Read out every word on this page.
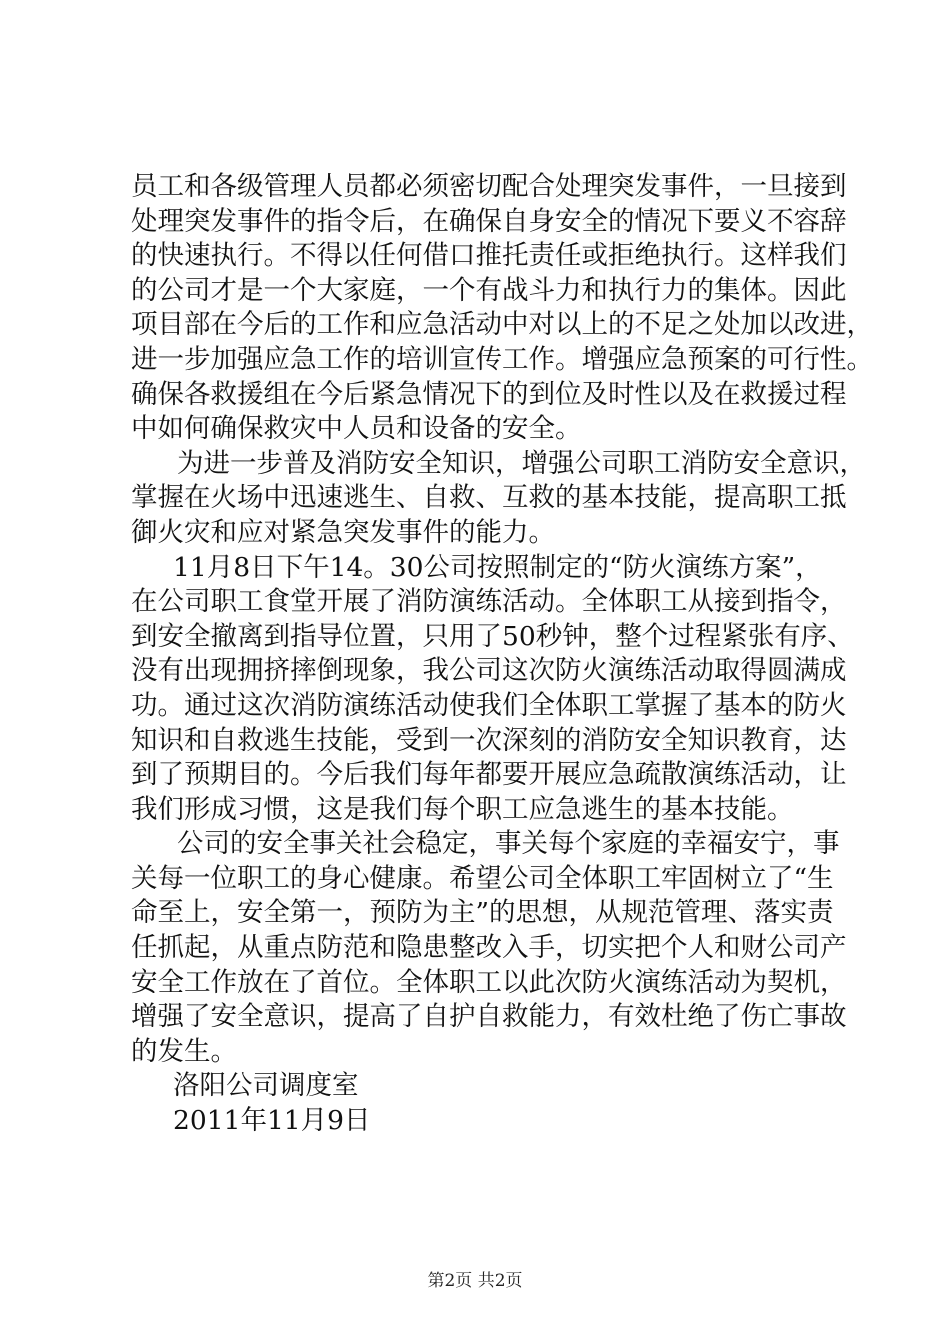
员工和各级管理人员都必须密切配合处理突发事件，一旦接到
处理突发事件的指令后，在确保自身安全的情况下要义不容辞
的快速执行。不得以任何借口推托责任或拒绝执行。这样我们
的公司才是一个大家庭，一个有战斗力和执行力的集体。因此
项目部在今后的工作和应急活动中对以上的不足之处加以改进，
进一步加强应急工作的培训宣传工作。增强应急预案的可行性。
确保各救援组在今后紧急情况下的到位及时性以及在救援过程
中如何确保救灾中人员和设备的安全。
为进一步普及消防安全知识，增强公司职工消防安全意识，
掌握在火场中迅速逃生、自救、互救的基本技能，提高职工抵
御火灾和应对紧急突发事件的能力。
11月8日下午14。30公司按照制定的“防火演练方案”，
在公司职工食堂开展了消防演练活动。全体职工从接到指令，
到安全撤离到指导位置，只用了50秒钟，整个过程紧张有序、
没有出现拥挤摔倒现象，我公司这次防火演练活动取得圆满成
功。通过这次消防演练活动使我们全体职工掌握了基本的防火
知识和自救逃生技能，受到一次深刻的消防安全知识教育，达
到了预期目的。今后我们每年都要开展应急疏散演练活动，让
我们形成习惯，这是我们每个职工应急逃生的基本技能。
公司的安全事关社会稳定，事关每个家庭的幸福安宁，事
关每一位职工的身心健康。希望公司全体职工牢固树立了“生
命至上，安全第一，预防为主”的思想，从规范管理、落实责
任抓起，从重点防范和隐患整改入手，切实把个人和财公司产
安全工作放在了首位。全体职工以此次防火演练活动为契机，
增强了安全意识，提高了自护自救能力，有效杜绝了伤亡事故
的发生。
洛阳公司调度室
2011年11月9日
第2页 共2页
